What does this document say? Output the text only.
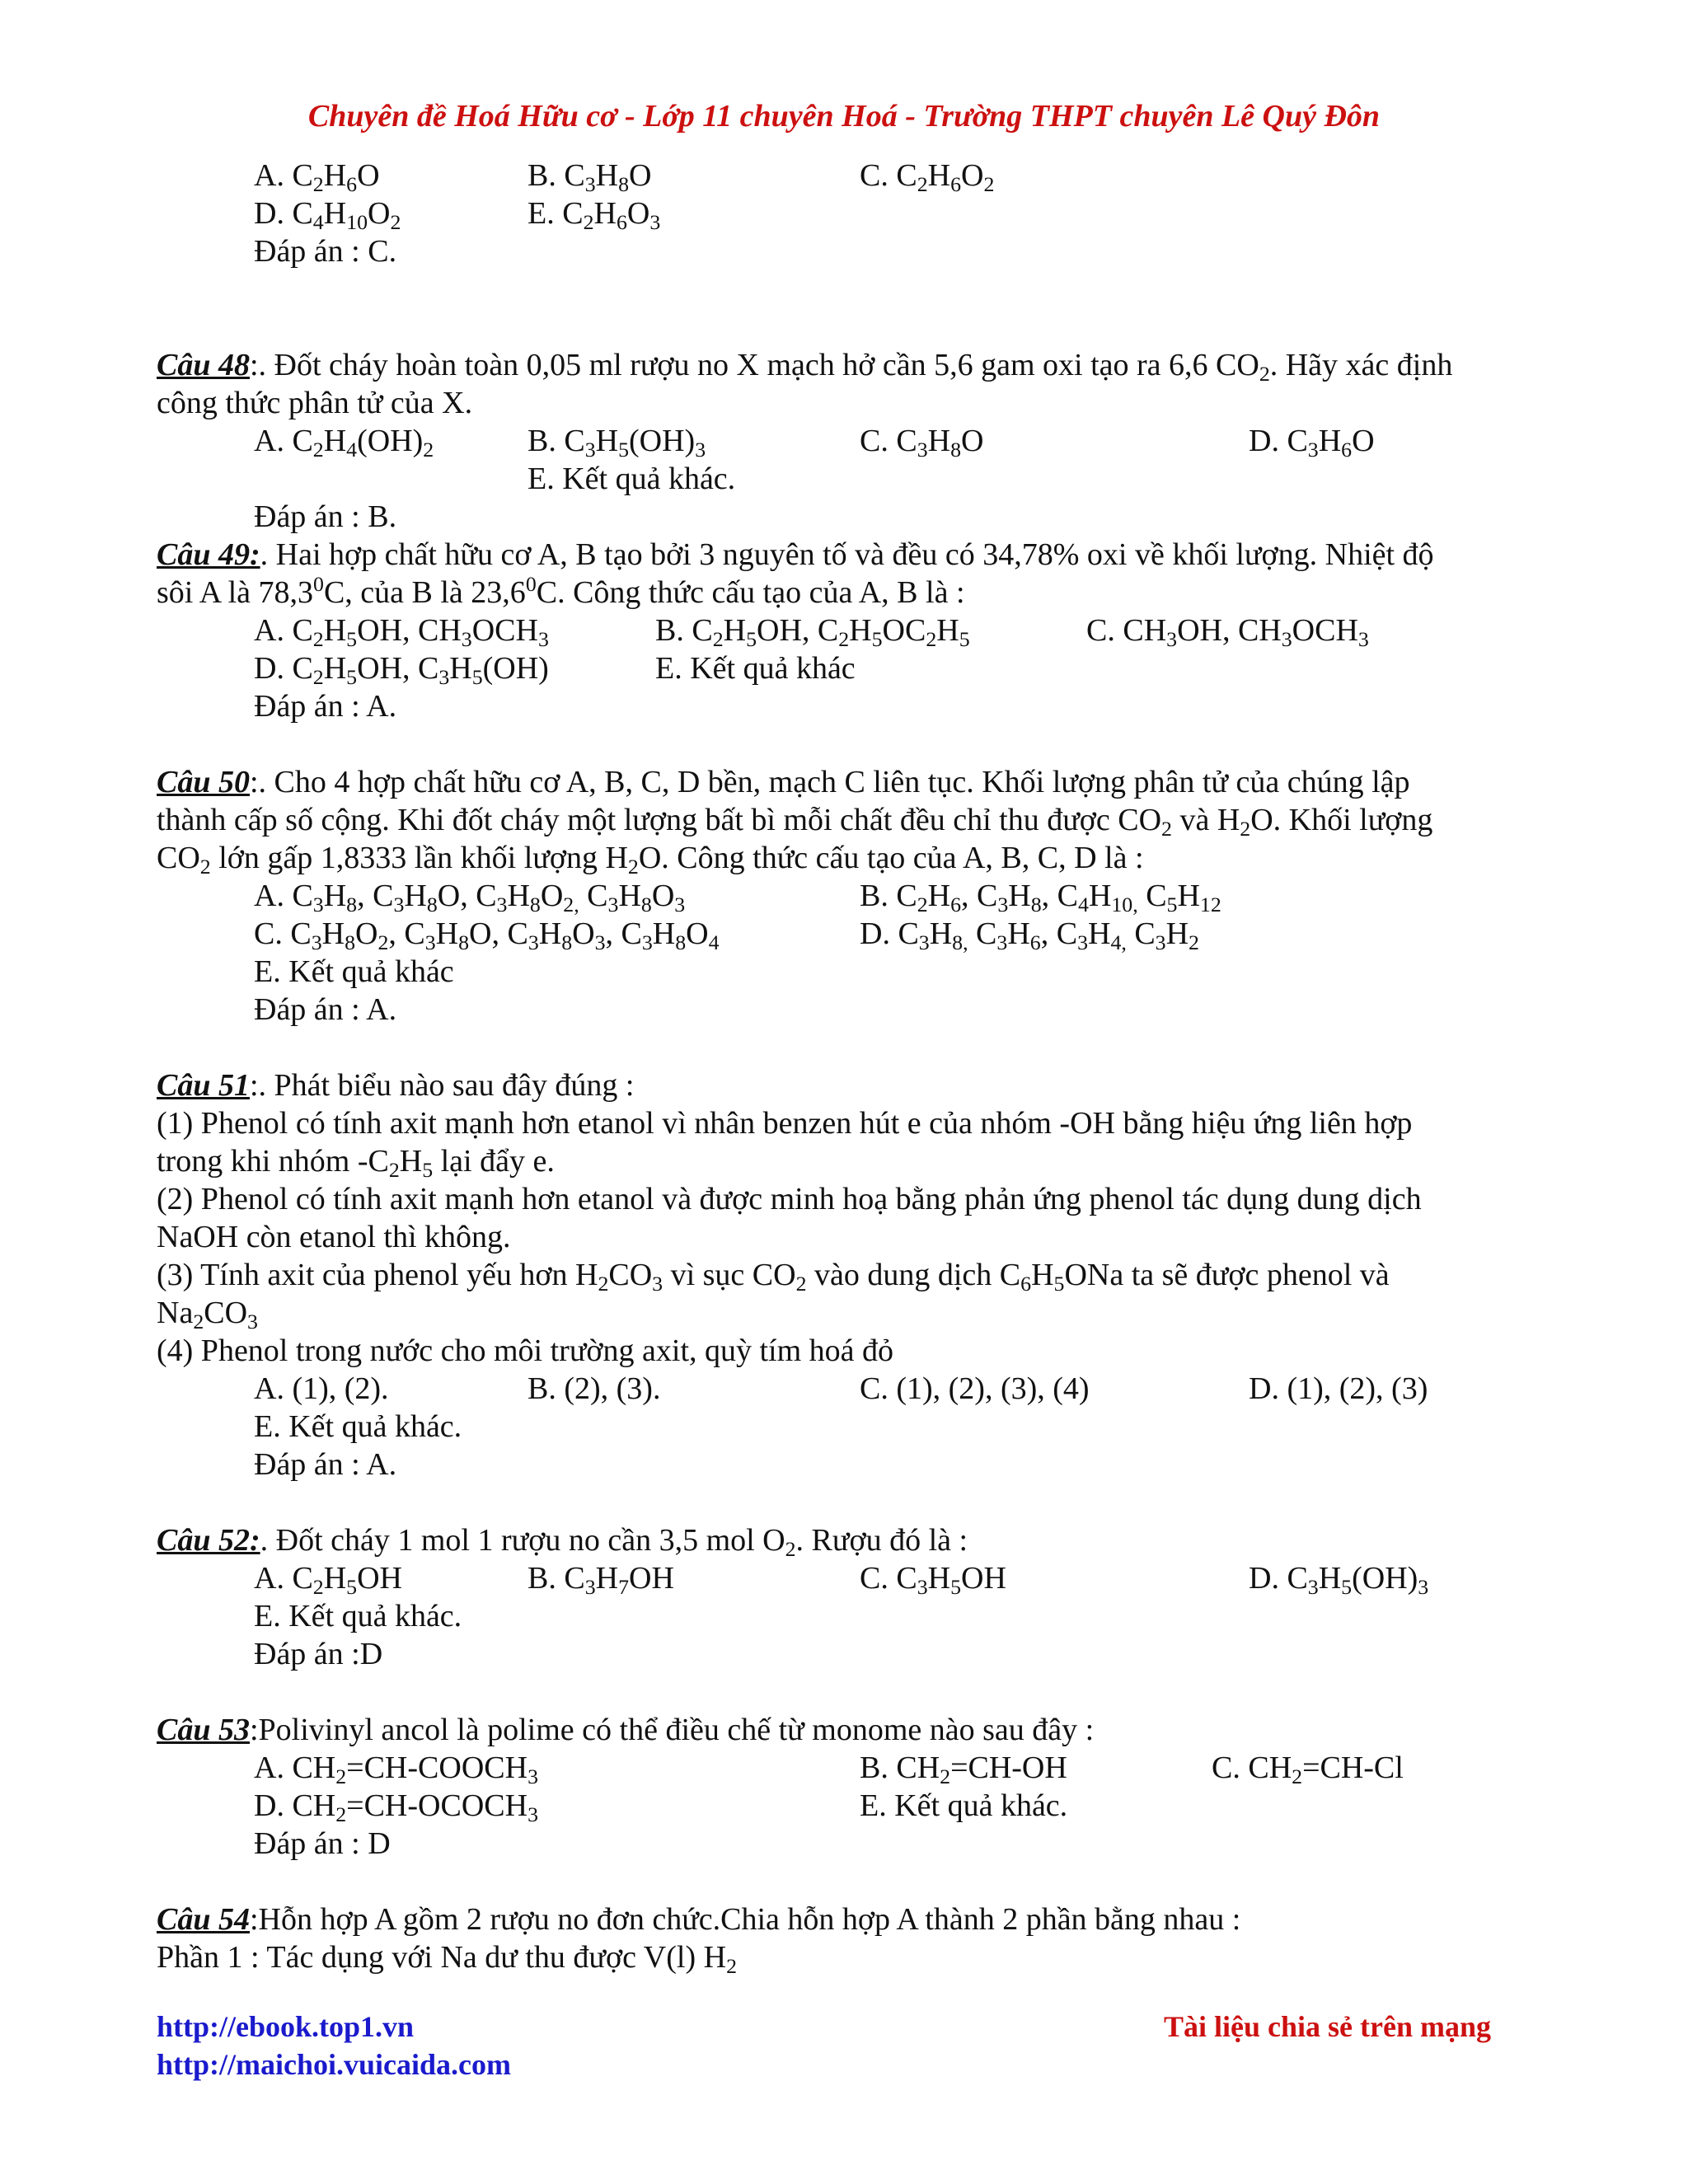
Chuyên đề Hoá Hữu cơ - Lớp 11 chuyên Hoá - Trường THPT chuyên Lê Quý Đôn
A. $C_2H_6O$	B. $C_3H_8O$	C. $C_2H_6O_2$
D. $C_4H_{10}O_2$	E. $C_2H_6O_3$
Đáp án : C.
Câu 48:. Đốt cháy hoàn toàn 0,05 ml rượu no X mạch hở cần 5,6 gam oxi tạo ra 6,6 $CO_2$. Hãy xác định
công thức phân tử của X.
A. $C_2H_4(OH)_2$	B. $C_3H_5(OH)_3$	C. $C_3H_8O$	D. $C_3H_6O$
E. Kết quả khác.
Đáp án : B.
Câu 49:. Hai hợp chất hữu cơ A, B tạo bởi 3 nguyên tố và đều có 34,78% oxi về khối lượng. Nhiệt độ
sôi A là 78,3$^0$C, của B là 23,6$^0$C. Công thức cấu tạo của A, B là :
A. $C_2H_5OH$, $CH_3OCH_3$	B. $C_2H_5OH$, $C_2H_5OC_2H_5$	C. $CH_3OH$, $CH_3OCH_3$
D. $C_2H_5OH$, $C_3H_5(OH)$	E. Kết quả khác
Đáp án : A.
Câu 50:. Cho 4 hợp chất hữu cơ A, B, C, D bền, mạch C liên tục. Khối lượng phân tử của chúng lập
thành cấp số cộng. Khi đốt cháy một lượng bất bì mỗi chất đều chỉ thu được $CO_2$ và $H_2O$. Khối lượng
$CO_2$ lớn gấp 1,8333 lần khối lượng $H_2O$. Công thức cấu tạo của A, B, C, D là :
A. $C_3H_8$, $C_3H_8O$, $C_3H_8O_{2,}$ $C_3H_8O_3$	B. $C_2H_6$, $C_3H_8$, $C_4H_{10,}$ $C_5H_{12}$
C. $C_3H_8O_2$, $C_3H_8O$, $C_3H_8O_3$, $C_3H_8O_4$	D. $C_3H_{8,}$ $C_3H_6$, $C_3H_{4,}$ $C_3H_2$
E. Kết quả khác
Đáp án : A.
Câu 51:. Phát biểu nào sau đây đúng :
(1) Phenol có tính axit mạnh hơn etanol vì nhân benzen hút e của nhóm -OH bằng hiệu ứng liên hợp
trong khi nhóm $-C_2H_5$ lại đẩy e.
(2) Phenol có tính axit mạnh hơn etanol và được minh hoạ bằng phản ứng phenol tác dụng dung dịch
NaOH còn etanol thì không.
(3) Tính axit của phenol yếu hơn $H_2CO_3$ vì sục $CO_2$ vào dung dịch $C_6H_5ONa$ ta sẽ được phenol và
$Na_2CO_3$
(4) Phenol trong nước cho môi trường axit, quỳ tím hoá đỏ
A. (1), (2).	B. (2), (3).	C. (1), (2), (3), (4)	D. (1), (2), (3)
E. Kết quả khác.
Đáp án : A.
Câu 52:. Đốt cháy 1 mol 1 rượu no cần 3,5 mol $O_2$. Rượu đó là :
A. $C_2H_5OH$	B. $C_3H_7OH$	C. $C_3H_5OH$	D. $C_3H_5(OH)_3$
E. Kết quả khác.
Đáp án :D
Câu 53:Polivinyl ancol là polime có thể điều chế từ monome nào sau đây :
A. $CH_2=CH-COOCH_3$	B. $CH_2=CH-OH$	C. $CH_2=CH-Cl$
D. $CH_2=CH-OCOCH_3$	E. Kết quả khác.
Đáp án : D
Câu 54:Hỗn hợp A gồm 2 rượu no đơn chức.Chia hỗn hợp A thành 2 phần bằng nhau :
Phần 1 : Tác dụng với Na dư thu được V(l) $H_2$
http://ebook.top1.vn
http://maichoi.vuicaida.com
Tài liệu chia sẻ trên mạng
